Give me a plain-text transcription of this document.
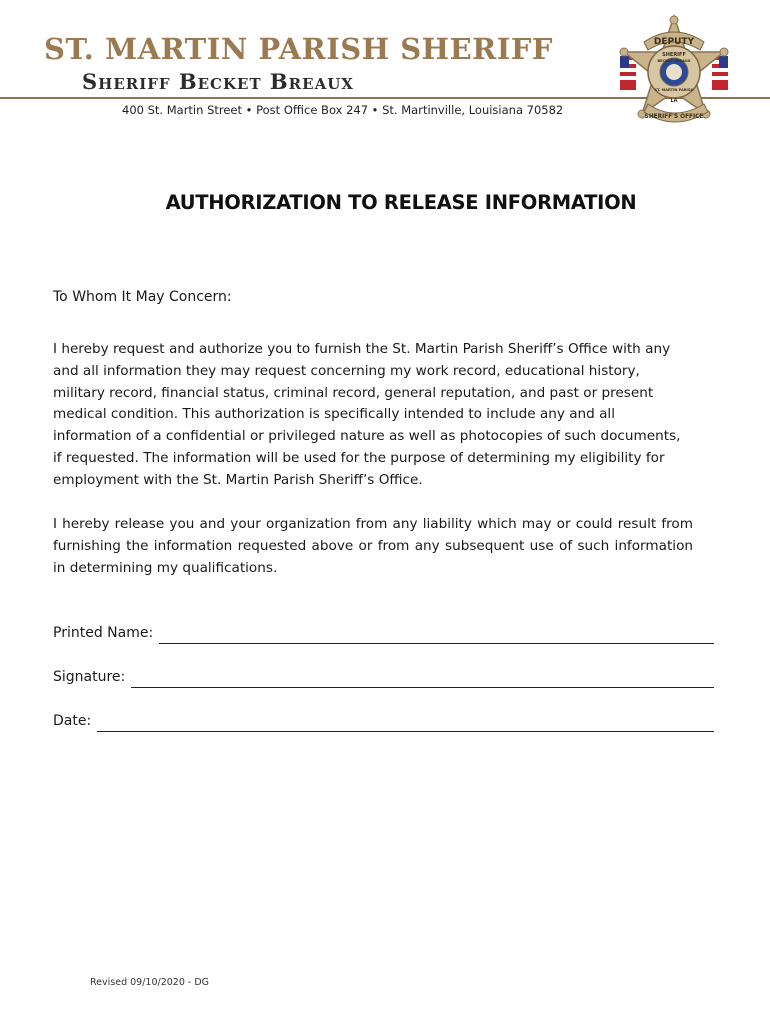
ST. MARTIN PARISH SHERIFF
Sheriff Becket Breaux
400 St. Martin Street • Post Office Box 247 • St. Martinville, Louisiana 70582
DEPUTY
SHERIFF
BECKET BREAUX
ST. MARTIN PARISH
LA
SHERIFF'S OFFICE
AUTHORIZATION TO RELEASE INFORMATION
To Whom It May Concern:
I hereby request and authorize you to furnish the St. Martin Parish Sheriff’s Office with any and all information they may request concerning my work record, educational history, military record, financial status, criminal record, general reputation, and past or present medical condition. This authorization is specifically intended to include any and all information of a confidential or privileged nature as well as photocopies of such documents, if requested. The information will be used for the purpose of determining my eligibility for employment with the St. Martin Parish Sheriff’s Office.
I hereby release you and your organization from any liability which may or could result from furnishing the information requested above or from any subsequent use of such information in determining my qualifications.
Printed Name:
Signature:
Date:
Revised 09/10/2020 - DG
